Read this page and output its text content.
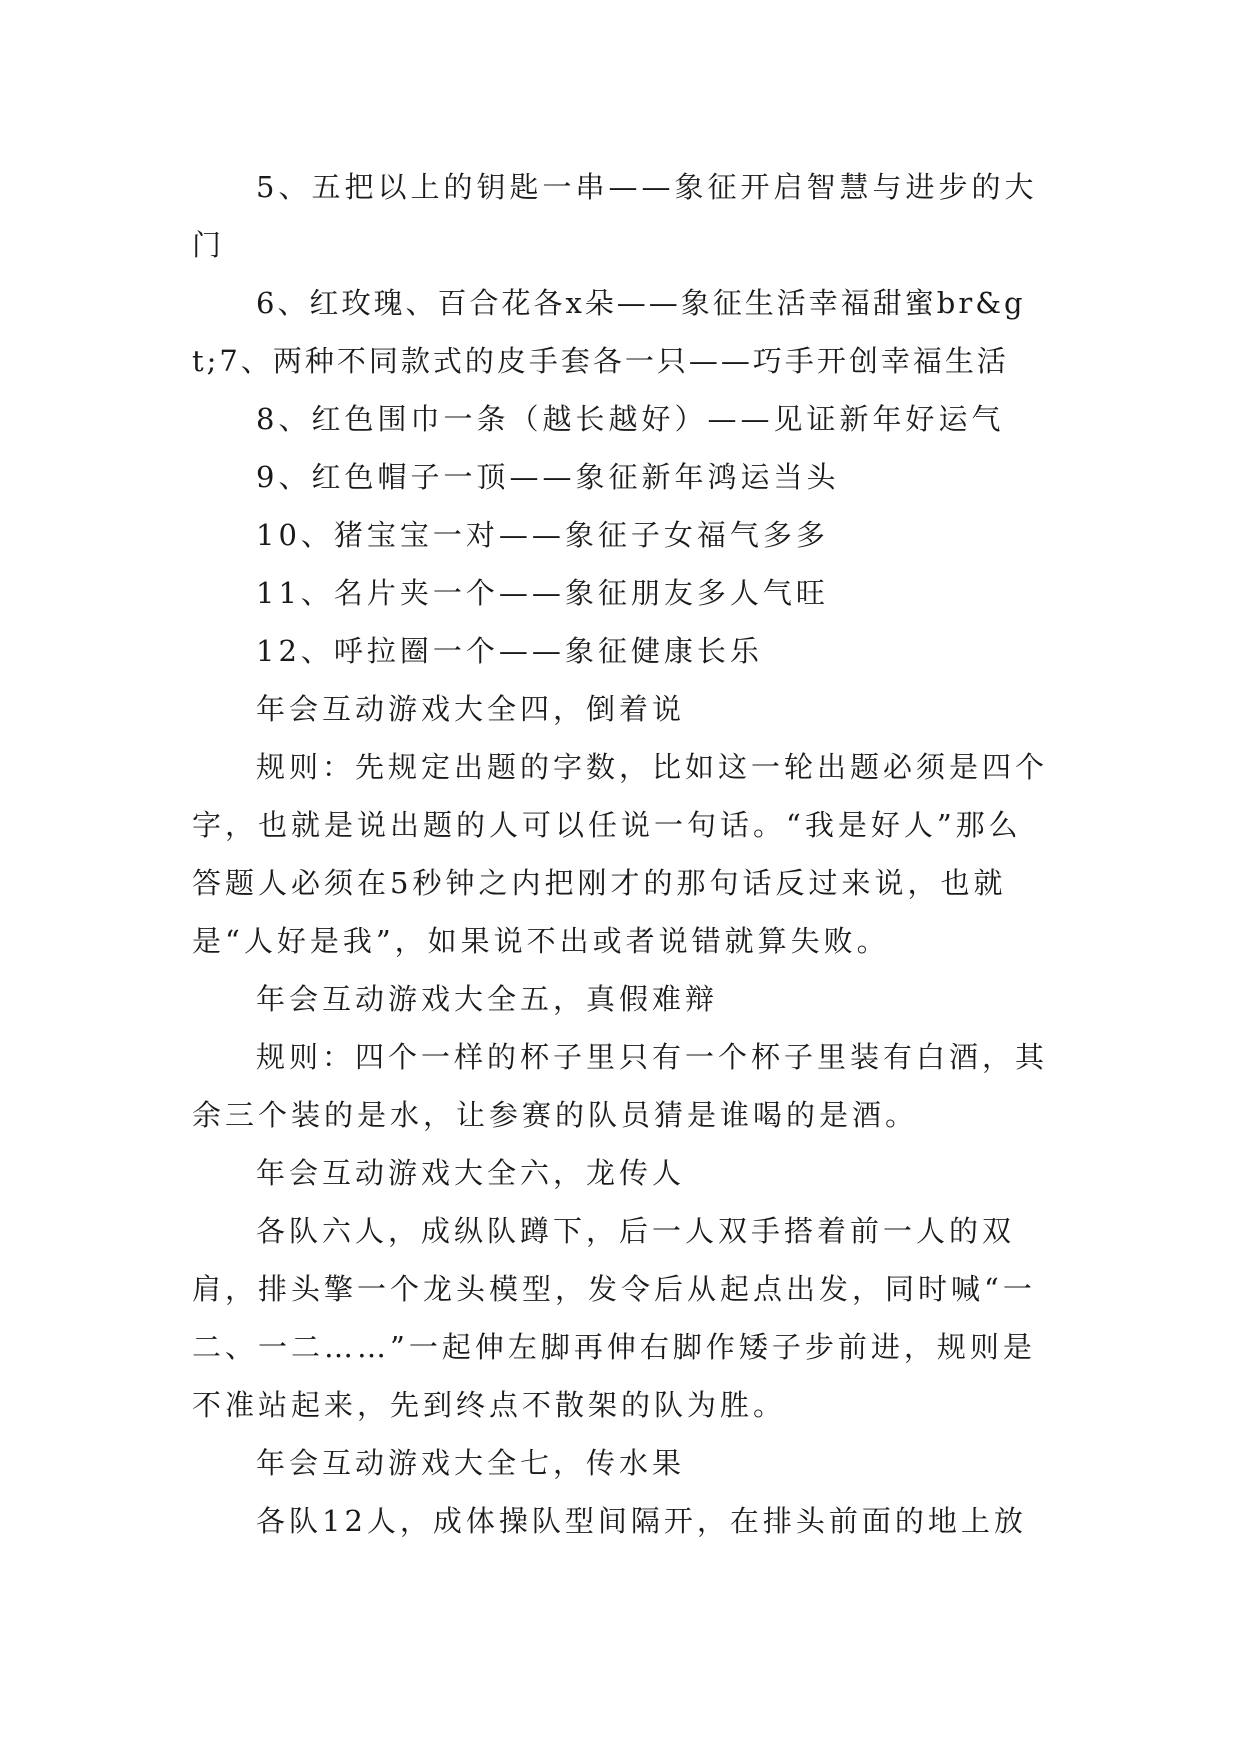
5、五把以上的钥匙一串——象征开启智慧与进步的大门

6、红玫瑰、百合花各x朵——象征生活幸福甜蜜br&gt;7、两种不同款式的皮手套各一只——巧手开创幸福生活

8、红色围巾一条（越长越好）——见证新年好运气

9、红色帽子一顶——象征新年鸿运当头

10、猪宝宝一对——象征子女福气多多

11、名片夹一个——象征朋友多人气旺

12、呼拉圈一个——象征健康长乐

年会互动游戏大全四，倒着说

规则：先规定出题的字数，比如这一轮出题必须是四个字，也就是说出题的人可以任说一句话。“我是好人”那么答题人必须在5秒钟之内把刚才的那句话反过来说，也就是“人好是我”，如果说不出或者说错就算失败。

年会互动游戏大全五，真假难辩

规则：四个一样的杯子里只有一个杯子里装有白酒，其余三个装的是水，让参赛的队员猜是谁喝的是酒。

年会互动游戏大全六，龙传人

各队六人，成纵队蹲下，后一人双手搭着前一人的双肩，排头擎一个龙头模型，发令后从起点出发，同时喊“一二、一二……”一起伸左脚再伸右脚作矮子步前进，规则是不准站起来，先到终点不散架的队为胜。

年会互动游戏大全七，传水果

各队12人，成体操队型间隔开，在排头前面的地上放
